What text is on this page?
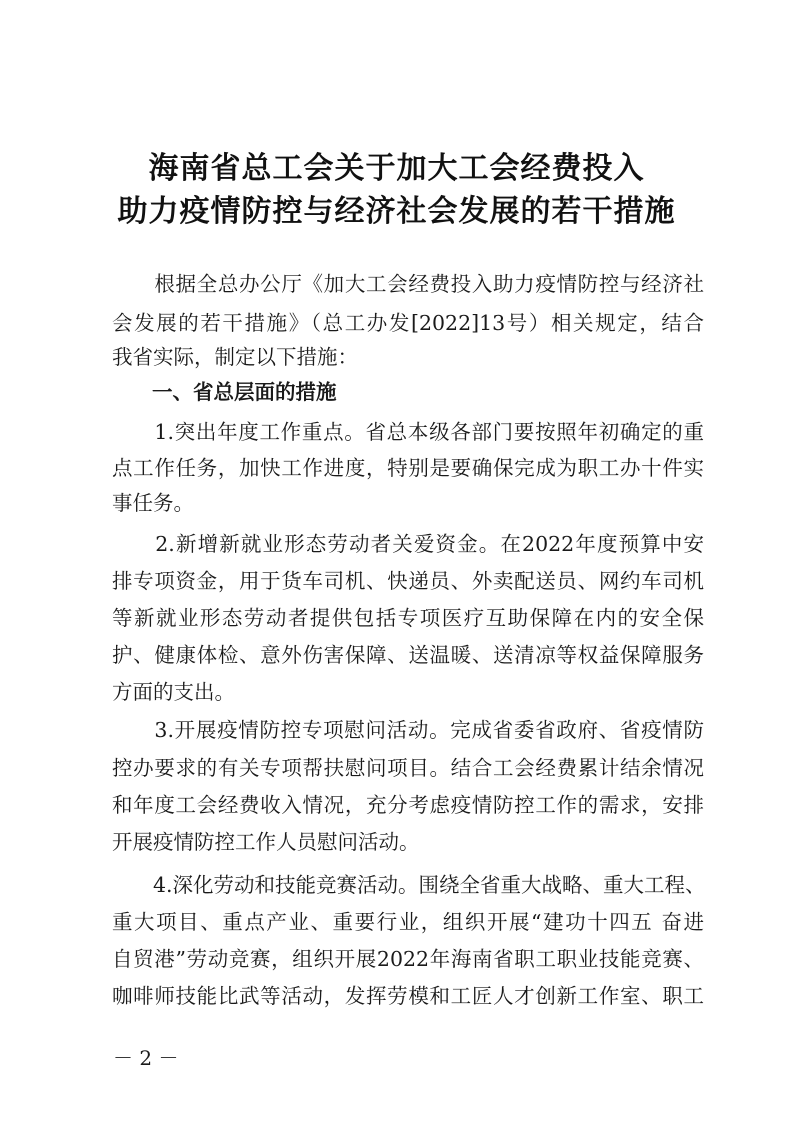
海南省总工会关于加大工会经费投入
助力疫情防控与经济社会发展的若干措施
　　根据全总办公厅《加大工会经费投入助力疫情防控与经济社
会发展的若干措施》（总工办发[2022]13号）相关规定，结合
我省实际，制定以下措施：
一、省总层面的措施
　　1.突出年度工作重点。省总本级各部门要按照年初确定的重
点工作任务，加快工作进度，特别是要确保完成为职工办十件实
事任务。
　　2.新增新就业形态劳动者关爱资金。在2022年度预算中安
排专项资金，用于货车司机、快递员、外卖配送员、网约车司机
等新就业形态劳动者提供包括专项医疗互助保障在内的安全保
护、健康体检、意外伤害保障、送温暖、送清凉等权益保障服务
方面的支出。
　　3.开展疫情防控专项慰问活动。完成省委省政府、省疫情防
控办要求的有关专项帮扶慰问项目。结合工会经费累计结余情况
和年度工会经费收入情况，充分考虑疫情防控工作的需求，安排
开展疫情防控工作人员慰问活动。
　　4.深化劳动和技能竞赛活动。围绕全省重大战略、重大工程、
重大项目、重点产业、重要行业，组织开展“建功十四五 奋进
自贸港”劳动竞赛，组织开展2022年海南省职工职业技能竞赛、
咖啡师技能比武等活动，发挥劳模和工匠人才创新工作室、职工
－ 2 －
